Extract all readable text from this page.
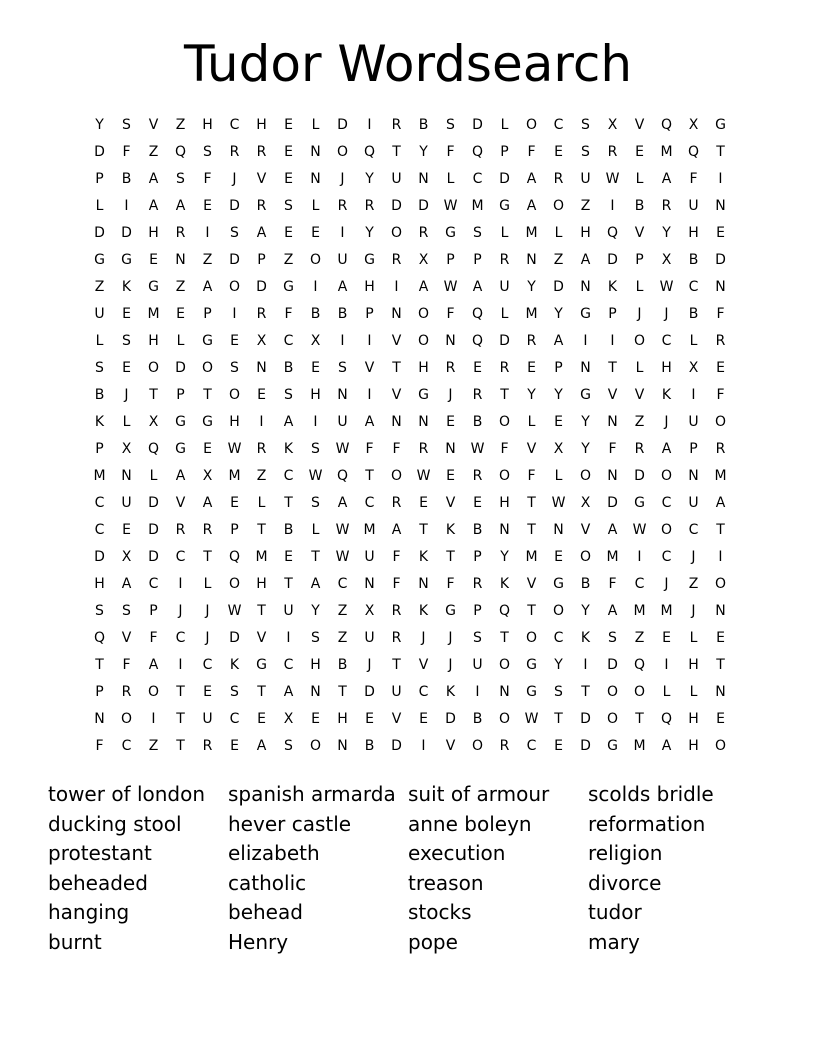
Tudor Wordsearch
Y	S	V	Z	H	C	H	E	L	D	I	R	B	S	D	L	O	C	S	X	V	Q	X	G
D	F	Z	Q	S	R	R	E	N	O	Q	T	Y	F	Q	P	F	E	S	R	E	M	Q	T
P	B	A	S	F	J	V	E	N	J	Y	U	N	L	C	D	A	R	U	W	L	A	F	I
L	I	A	A	E	D	R	S	L	R	R	D	D	W	M	G	A	O	Z	I	B	R	U	N
D	D	H	R	I	S	A	E	E	I	Y	O	R	G	S	L	M	L	H	Q	V	Y	H	E
G	G	E	N	Z	D	P	Z	O	U	G	R	X	P	P	R	N	Z	A	D	P	X	B	D
Z	K	G	Z	A	O	D	G	I	A	H	I	A	W	A	U	Y	D	N	K	L	W	C	N
U	E	M	E	P	I	R	F	B	B	P	N	O	F	Q	L	M	Y	G	P	J	J	B	F
L	S	H	L	G	E	X	C	X	I	I	V	O	N	Q	D	R	A	I	I	O	C	L	R
S	E	O	D	O	S	N	B	E	S	V	T	H	R	E	R	E	P	N	T	L	H	X	E
B	J	T	P	T	O	E	S	H	N	I	V	G	J	R	T	Y	Y	G	V	V	K	I	F
K	L	X	G	G	H	I	A	I	U	A	N	N	E	B	O	L	E	Y	N	Z	J	U	O
P	X	Q	G	E	W	R	K	S	W	F	F	R	N	W	F	V	X	Y	F	R	A	P	R
M	N	L	A	X	M	Z	C	W	Q	T	O	W	E	R	O	F	L	O	N	D	O	N	M
C	U	D	V	A	E	L	T	S	A	C	R	E	V	E	H	T	W	X	D	G	C	U	A
C	E	D	R	R	P	T	B	L	W	M	A	T	K	B	N	T	N	V	A	W	O	C	T
D	X	D	C	T	Q	M	E	T	W	U	F	K	T	P	Y	M	E	O	M	I	C	J	I
H	A	C	I	L	O	H	T	A	C	N	F	N	F	R	K	V	G	B	F	C	J	Z	O
S	S	P	J	J	W	T	U	Y	Z	X	R	K	G	P	Q	T	O	Y	A	M	M	J	N
Q	V	F	C	J	D	V	I	S	Z	U	R	J	J	S	T	O	C	K	S	Z	E	L	E
T	F	A	I	C	K	G	C	H	B	J	T	V	J	U	O	G	Y	I	D	Q	I	H	T
P	R	O	T	E	S	T	A	N	T	D	U	C	K	I	N	G	S	T	O	O	L	L	N
N	O	I	T	U	C	E	X	E	H	E	V	E	D	B	O	W	T	D	O	T	Q	H	E
F	C	Z	T	R	E	A	S	O	N	B	D	I	V	O	R	C	E	D	G	M	A	H	O
tower of london
ducking stool
protestant
beheaded
hanging
burnt
spanish armarda
hever castle
elizabeth
catholic
behead
Henry
suit of armour
anne boleyn
execution
treason
stocks
pope
scolds bridle
reformation
religion
divorce
tudor
mary
